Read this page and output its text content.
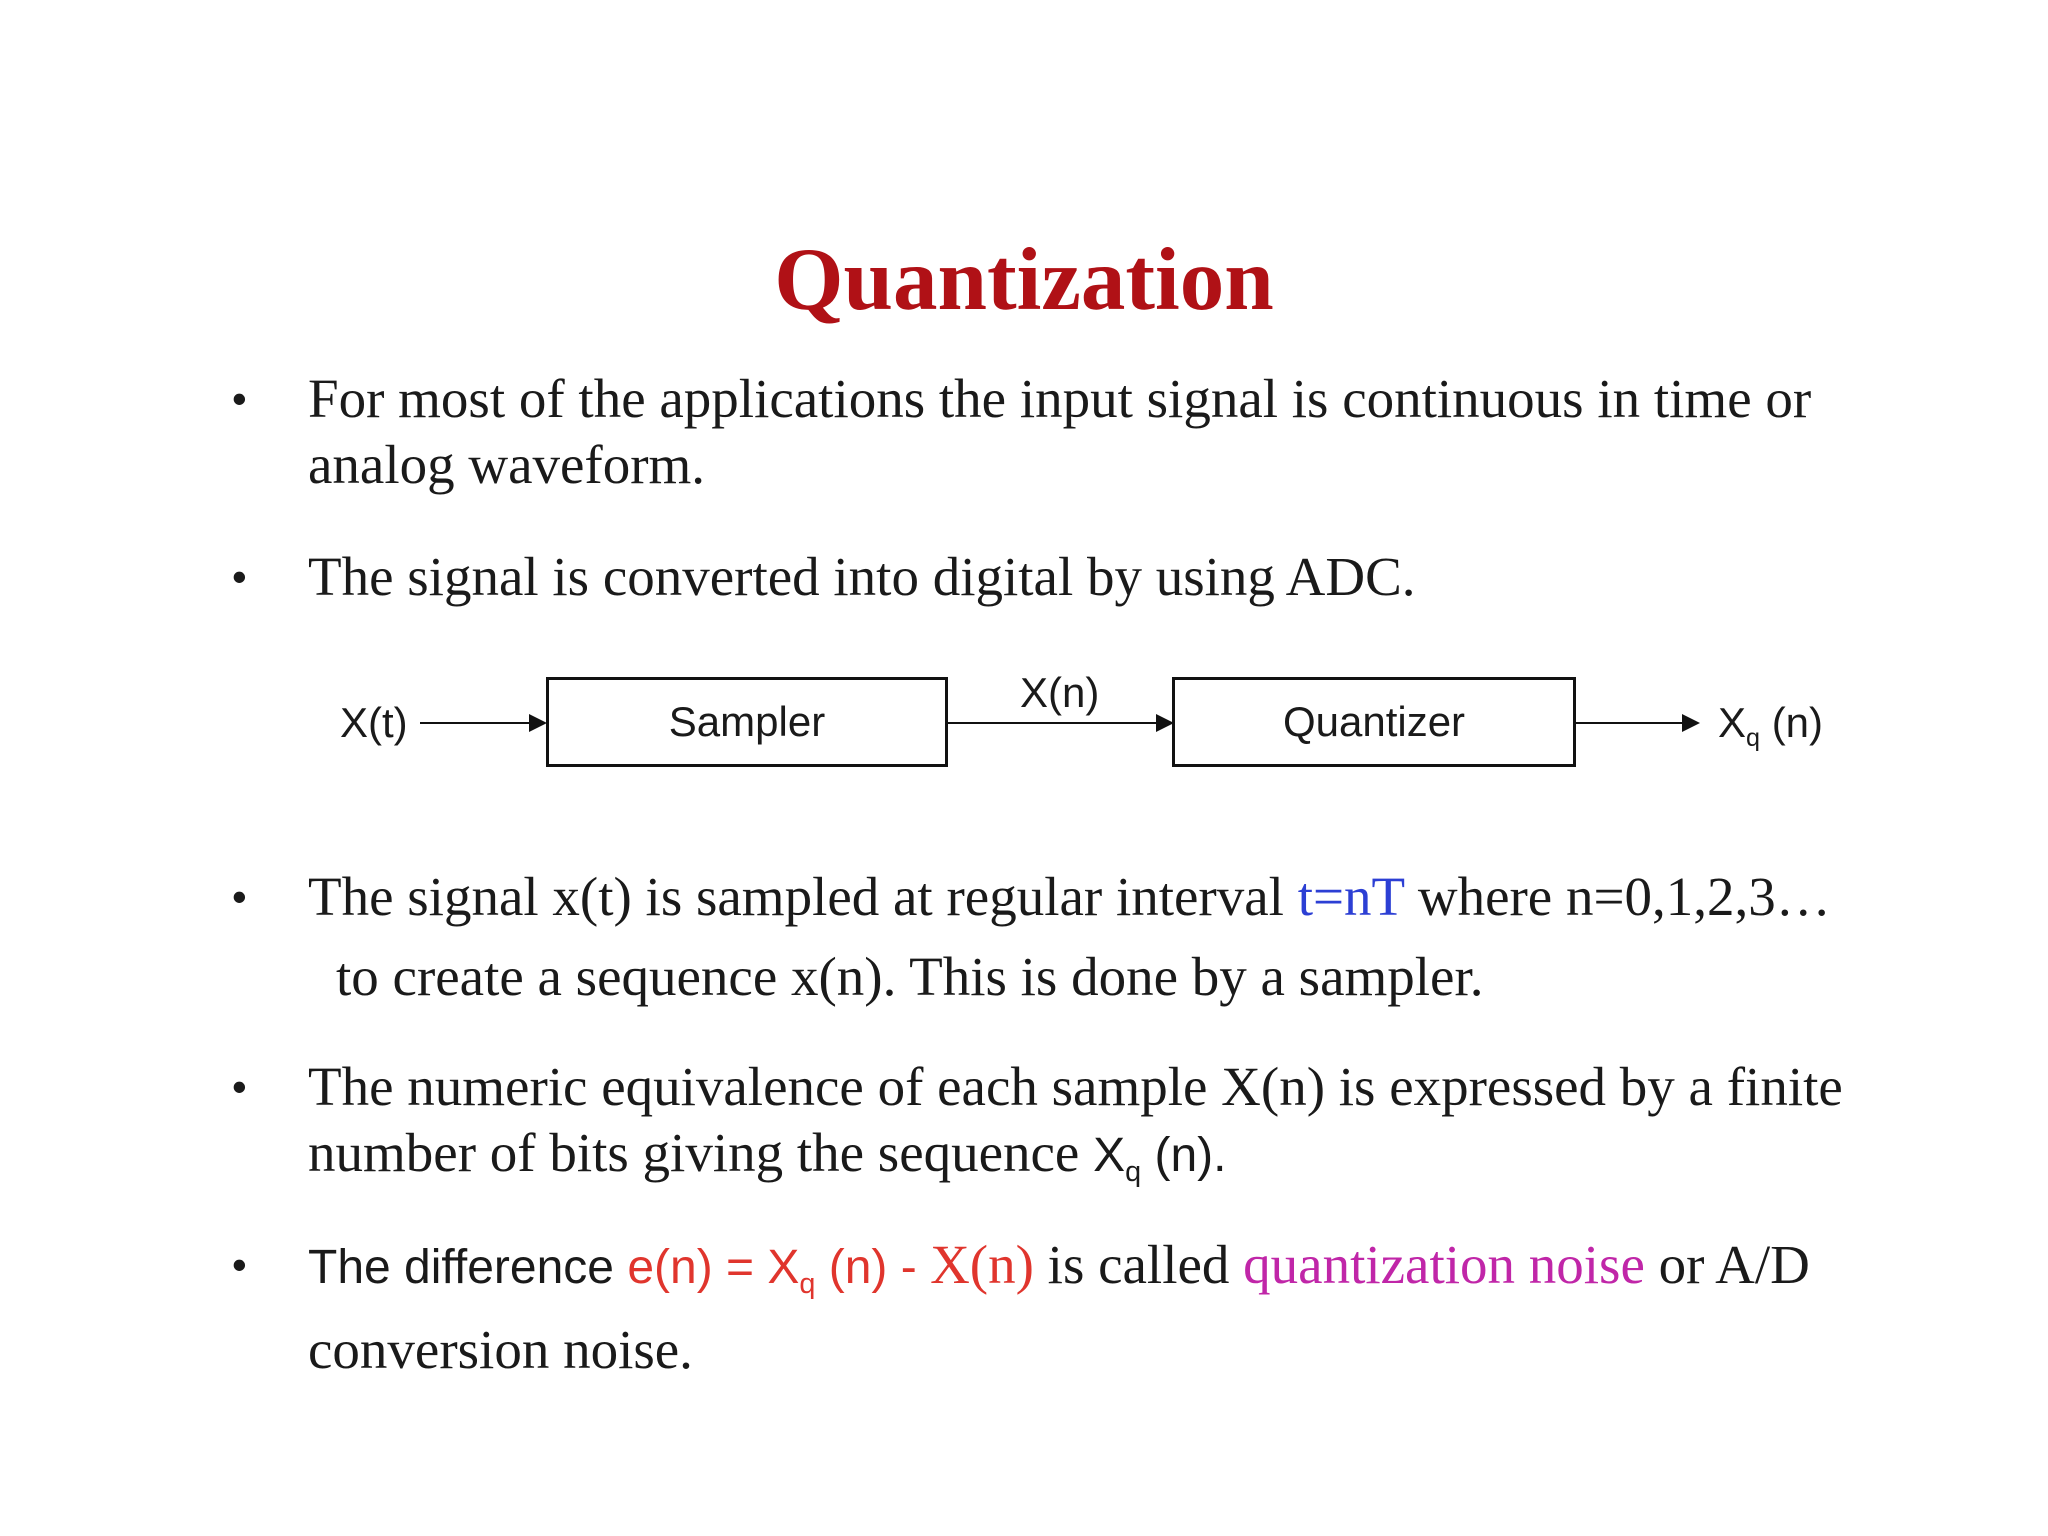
Quantization
• For most of the applications the input signal is continuous in time or analog waveform.
• The signal is converted into digital by using ADC.
X(t)	Sampler
X(n)
Quantizer	$X_q$ (n)
• The signal x(t) is sampled at regular interval t=nT where n=0,1,2,3…
to create a sequence x(n). This is done by a sampler.
• The numeric equivalence of each sample X(n) is expressed by a finite
number of bits giving the sequence $X_q$ (n).
• The difference $e(n) = X_q$ (n) - X(n) is called quantization noise or A/D
conversion noise.
